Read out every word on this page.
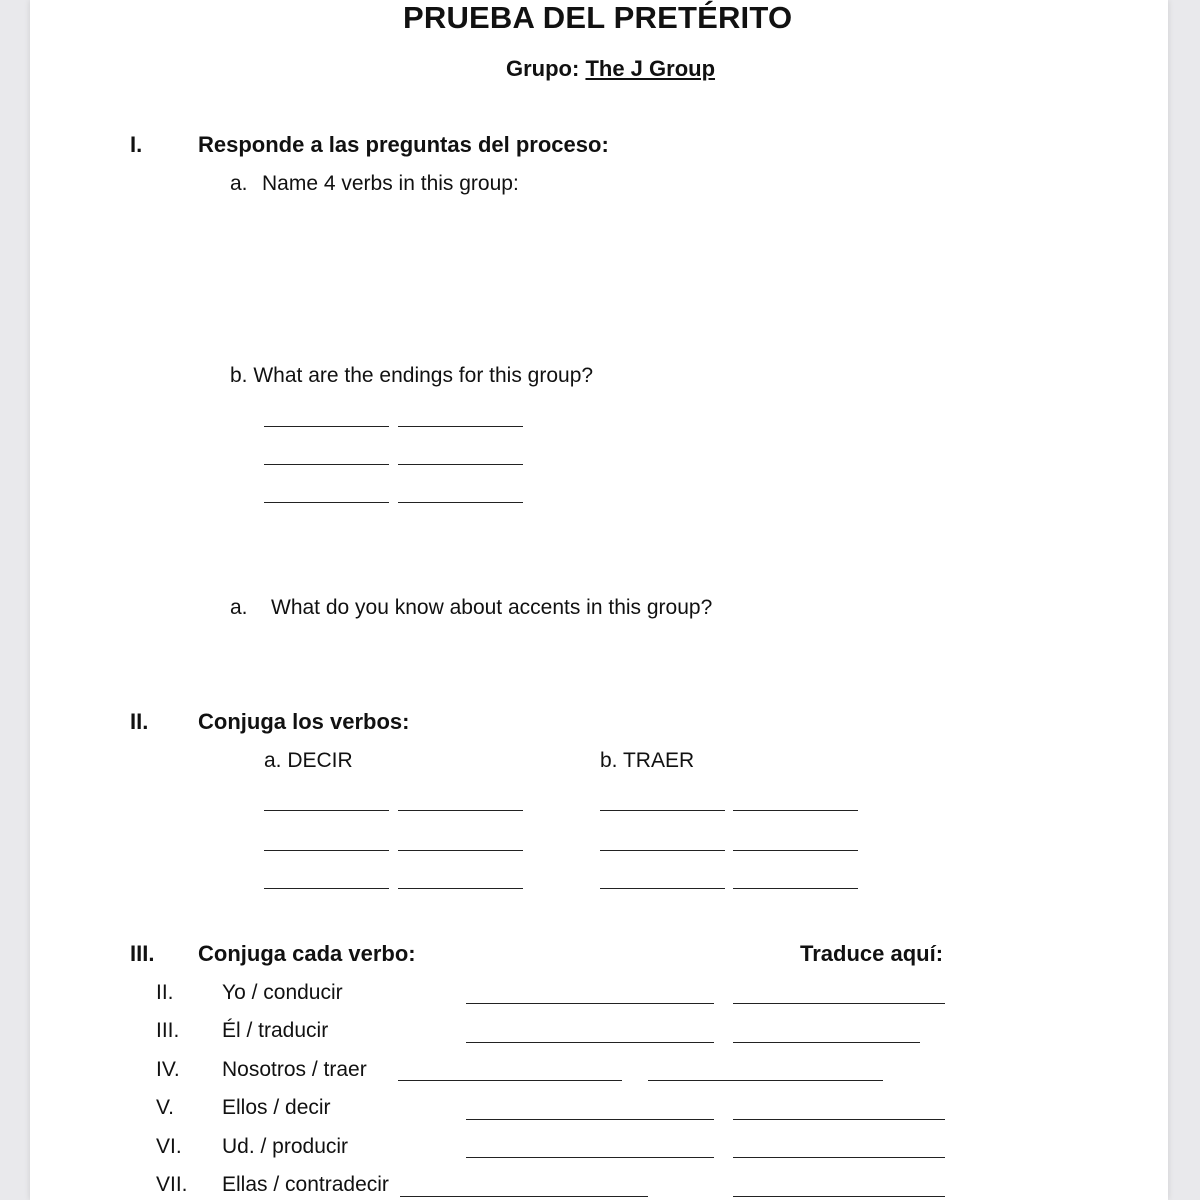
PRUEBA DEL PRETÉRITO
Grupo: The J Group
I.	Responde a las preguntas del proceso:
a. Name 4 verbs in this group:
b. What are the endings for this group?
a. What do you know about accents in this group?
II. Conjuga los verbos:
a. DECIR	b. TRAER
III. Conjuga cada verbo:	Traduce aquí:
II. Yo / conducir
III. Él / traducir
IV. Nosotros / traer
V. Ellos / decir
VI. Ud. / producir
VII. Ellas / contradecir
